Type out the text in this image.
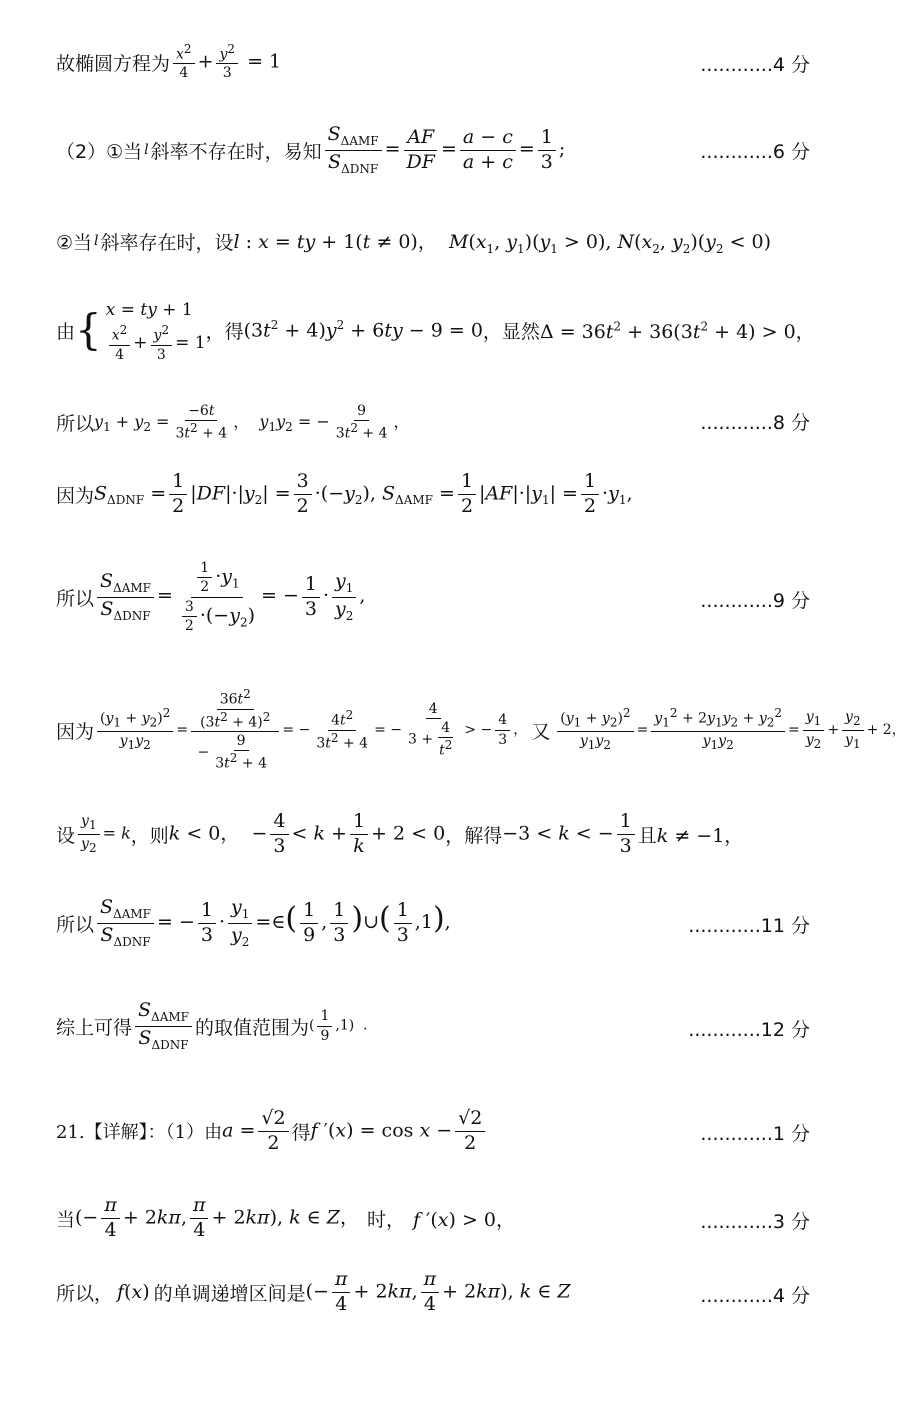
故椭圆方程为 $\frac{x2}{4} + \frac{y2}{3} = 1$	............4 分
（2）①当 l 斜率不存在时，易知 $\frac{S_{\Delta AMF}}{S_{\Delta DNF}} = \frac{AF}{DF} = \frac{a - c}{a + c} = \frac{1}{3}$ ;	............6 分
②当 l 斜率存在时，设 l : x = ty + 1(t ≠ 0)，  $M(x_1$, $y_1)(y_1 > 0)$, $N(x_2$, $y_2)(y_2 < 0)$
由 { x = ty + 1
$\frac{x2}{4} + \frac{y2}{3} = 1$
，得 $(3t^2 + 4)y^2 + 6ty - 9 = 0$ ，显然 $\Delta = 36t^2 + 36(3t^2 + 4) > 0$，
所以 $y_1 + y_2 = \frac{-6t}{3t2 + 4}$ ，  $y_1y_2$ = − $\frac{9}{3t2 + 4}$ ，	............8 分
因为 $S_{\Delta DNF} = \frac{1}{2} |DF|\cdot|y_2| = \frac{3}{2} \cdot(-y_2)$, $S_{\Delta AMF} = \frac{1}{2} |AF|\cdot|y_1| = \frac{1}{2} \cdot y_1$,
所以 $\frac{S_{\Delta AMF}}{S_{\Delta DNF}} = \frac{\frac{1}{2} \cdot y_1}{\frac{3}{2} \cdot(-y_2)}$ = − $\frac{1}{3} \cdot \frac{y_1}{y_2}$ ,	............9 分
因为 $\frac{(y1 + y2)2}{y1y2} = \frac{\frac{36t2}{(3t2 + 4)2}}{- \frac{9}{3t2 + 4}}$ = − $\frac{4t2}{3t2 + 4}$ = − $\frac{4}{3 + \frac{4}{t2}}$ > − $\frac{4}{3}$ ， 又 $\frac{(y1 + y2)2}{y1y2} = \frac{y12 + 2y1y2 + y22}{y1y2} = \frac{y1}{y2} + \frac{y2}{y1} + 2$，
设 $\frac{y1}{y2} = k$ ，则 k < 0，  − $\frac{4}{3} < k + \frac{1}{k} + 2 < 0$ ，解得 −3 < k < − $\frac{1}{3}$ 且 k ≠ −1，
所以 $\frac{S_{\Delta AMF}}{S_{\Delta DNF}}$ = − $\frac{1}{3} \cdot \frac{y_1}{y_2}$ =∈( $\frac{1}{9}$ , $\frac{1}{3}$ )∪( $\frac{1}{3} ,1$),	............11 分
综上可得 $\frac{S_{\Delta AMF}}{S_{\Delta DNF}}$ 的取值范围为 ( $\frac{1}{9} ,1$)  .	............12 分
21.【详解】：（1）由 $a = \frac{√2}{2}$ 得 f $'(x) = \cos x - \frac{√2}{2}$	............1 分
当 (− $\frac{\pi}{4} + 2k\pi$, $\frac{\pi}{4} + 2k\pi$), k ∈ Z， 时， f ′(x) > 0，	............3 分
所以， f(x) 的单调递增区间是 (− $\frac{\pi}{4} + 2k\pi$, $\frac{\pi}{4} + 2k\pi$), k ∈ Z	............4 分
